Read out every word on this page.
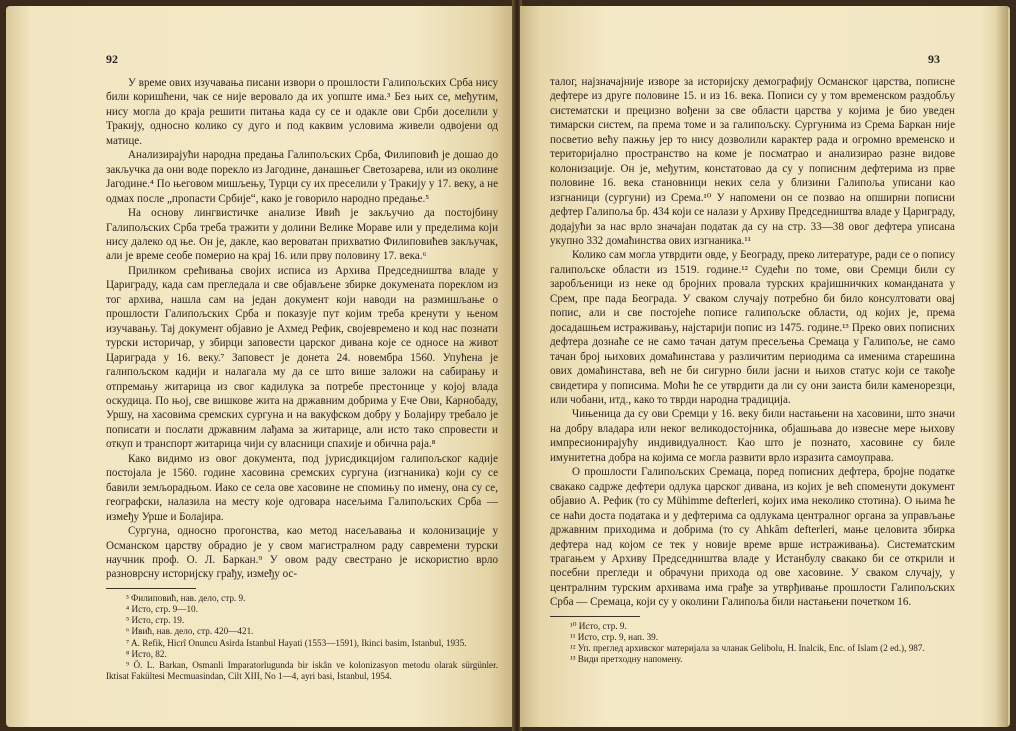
92

У време ових изучавања писани извори о прошлости Галипољских Срба нису били коришћени, чак се није веровало да их уопште има.³ Без њих се, међутим, нису могла до краја решити питања када су се и одакле ови Срби доселили у Тракију, односно колико су дуго и под каквим условима живели одвојени од матице.

Анализирајући народна предања Галипољских Срба, Филиповић је дошао до закључка да они воде порекло из Јагодине, данашњег Светозарева, или из околине Јагодине.⁴ По његовом мишљењу, Турци су их преселили у Тракију у 17. веку, а не одмах после „пропасти Србије“, како је говорило народно предање.⁵

На основу лингвистичке анализе Ивић је закључио да постојбину Галипољских Срба треба тражити у долини Велике Мораве или у пределима који нису далеко од ње. Он је, дакле, као вероватан прихватио Филиповићев закључак, али је време сеобе померио на крај 16. или прву половину 17. века.⁶

Приликом срећивања својих исписа из Архива Председништва владе у Цариграду, када сам прегледала и све објављене збирке докумената пореклом из тог архива, нашла сам на један документ који наводи на размишљање о прошлости Галипољских Срба и показује пут којим треба кренути у њеном изучавању. Тај документ објавио је Ахмед Рефик, својевремено и код нас познати турски историчар, у збирци заповести царског дивана које се односе на живот Цариграда у 16. веку.⁷ Заповест је донета 24. новембра 1560. Упућена је галипољском кадији и налагала му да се што више заложи на сабирању и отпремању житарица из свог кадилука за потребе престонице у којој влада оскудица. По њој, све вишкове жита на државним добрима у Ече Ови, Карнобаду, Уршу, на хасовима сремских сургуна и на вакуфском добру у Болајиру требало је пописати и послати државним лађама за житарице, али исто тако спровести и откуп и транспорт житарица чији су власници спахије и обична раја.⁸

Како видимо из овог документа, под јурисдикцијом галипољског кадије постојала је 1560. године хасовина сремских сургуна (изгнаника) који су се бавили земљорадњом. Иако се села ове хасовине не спомињу по имену, она су се, географски, налазила на месту које одговара насељима Галипољских Срба — између Урше и Болајира.

Сургуна, односно прогонства, као метод насељавања и колонизације у Османском царству обрадио је у свом магистралном раду савремени турски научник проф. О. Л. Баркан.⁹ У овом раду свестрано је искористио врло разноврсну историјску грађу, између ос-

³ Филиповић, нав. дело, стр. 9.
⁴ Исто, стр. 9—10.
⁵ Исто, стр. 19.
⁶ Ивић, нав. дело, стр. 420—421.
⁷ A. Refik, Hicrî Onuncu Asirda Istanbul Hayati (1553—1591), Ikinci basim, Istanbul, 1935.
⁸ Исто, 82.
⁹ Ö. L. Barkan, Osmanli Imparatorlugunda bir iskân ve kolonizasyon metodu olarak sürgünler. Iktisat Fakültesi Mecmuasindan, Cilt XIII, No 1—4, ayri basi, Istanbul, 1954.
93

талог, најзначајније изворе за историјску демографију Османског царства, пописне дефтере из друге половине 15. и из 16. века. Пописи су у том временском раздобљу систематски и прецизно вођени за све области царства у којима је био уведен тимарски систем, па према томе и за галипољску. Сургунима из Срема Баркан није посветио већу пажњу јер то нису дозволили карактер рада и огромно временско и територијално пространство на коме је посматрао и анализирао разне видове колонизације. Он је, међутим, констатовао да су у пописним дефтерима из прве половине 16. века становници неких села у близини Галипоља уписани као изгнаници (сургуни) из Срема.¹⁰ У напомени он се позвао на опширни пописни дефтер Галипоља бр. 434 који се налази у Архиву Председништва владе у Цариграду, додајући за нас врло значајан податак да су на стр. 33—38 овог дефтера уписана укупно 332 домаћинства ових изгнаника.¹¹

Колико сам могла утврдити овде, у Београду, преко литературе, ради се о попису галипољске области из 1519. године.¹² Судећи по томе, ови Сремци били су заробљеници из неке од бројних провала турских крајишничких команданата у Срем, пре пада Београда. У сваком случају потребно би било консултовати овај попис, али и све постојеће пописе галипољске области, од којих је, према досадашњем истраживању, најстарији попис из 1475. године.¹³ Преко ових пописних дефтера дознаће се не само тачан датум пресељења Сремаца у Галипоље, не само тачан број њихових домаћинстава у различитим периодима са именима старешина ових домаћинстава, већ не би сигурно били јасни и њихов статус који се такође свидетира у пописима. Моћи ће се утврдити да ли су они заиста били каменорезци, или чобани, итд., како то тврди народна традиција.

Чињеница да су ови Сремци у 16. веку били настањени на хасовини, што значи на добру владара или неког великодостојника, објашњава до извесне мере њихову импресионирајућу индивидуалност. Као што је познато, хасовине су биле имунитетна добра на којима се могла развити врло изразита самоуправа.

О прошлости Галипољских Сремаца, поред пописних дефтера, бројне податке свакако садрже дефтери одлука царског дивана, из којих је већ споменути документ објавио А. Рефик (то су Mühimme defterleri, којих има неколико стотина). О њима ће се наћи доста података и у дефтерима са одлукама централног органа за управљање државним приходима и добрима (то су Ahkâm defterleri, мање целовита збирка дефтера над којом се тек у новије време врше истраживања). Систематским трагањем у Архиву Председништва владе у Истанбулу свакако би се открили и посебни прегледи и обрачуни прихода од ове хасовине. У сваком случају, у централним турским архивама има грађе за утврђивање прошлости Галипољских Срба — Сремаца, који су у околини Галипоља били настањени почетком 16.

¹⁰ Исто, стр. 9.
¹¹ Исто, стр. 9, нап. 39.
¹² Уп. преглед архивског материјала за чланак Gelibolu, H. Inalcik, Enc. of Islam (2 ed.), 987.
¹³ Види претходну напомену.
